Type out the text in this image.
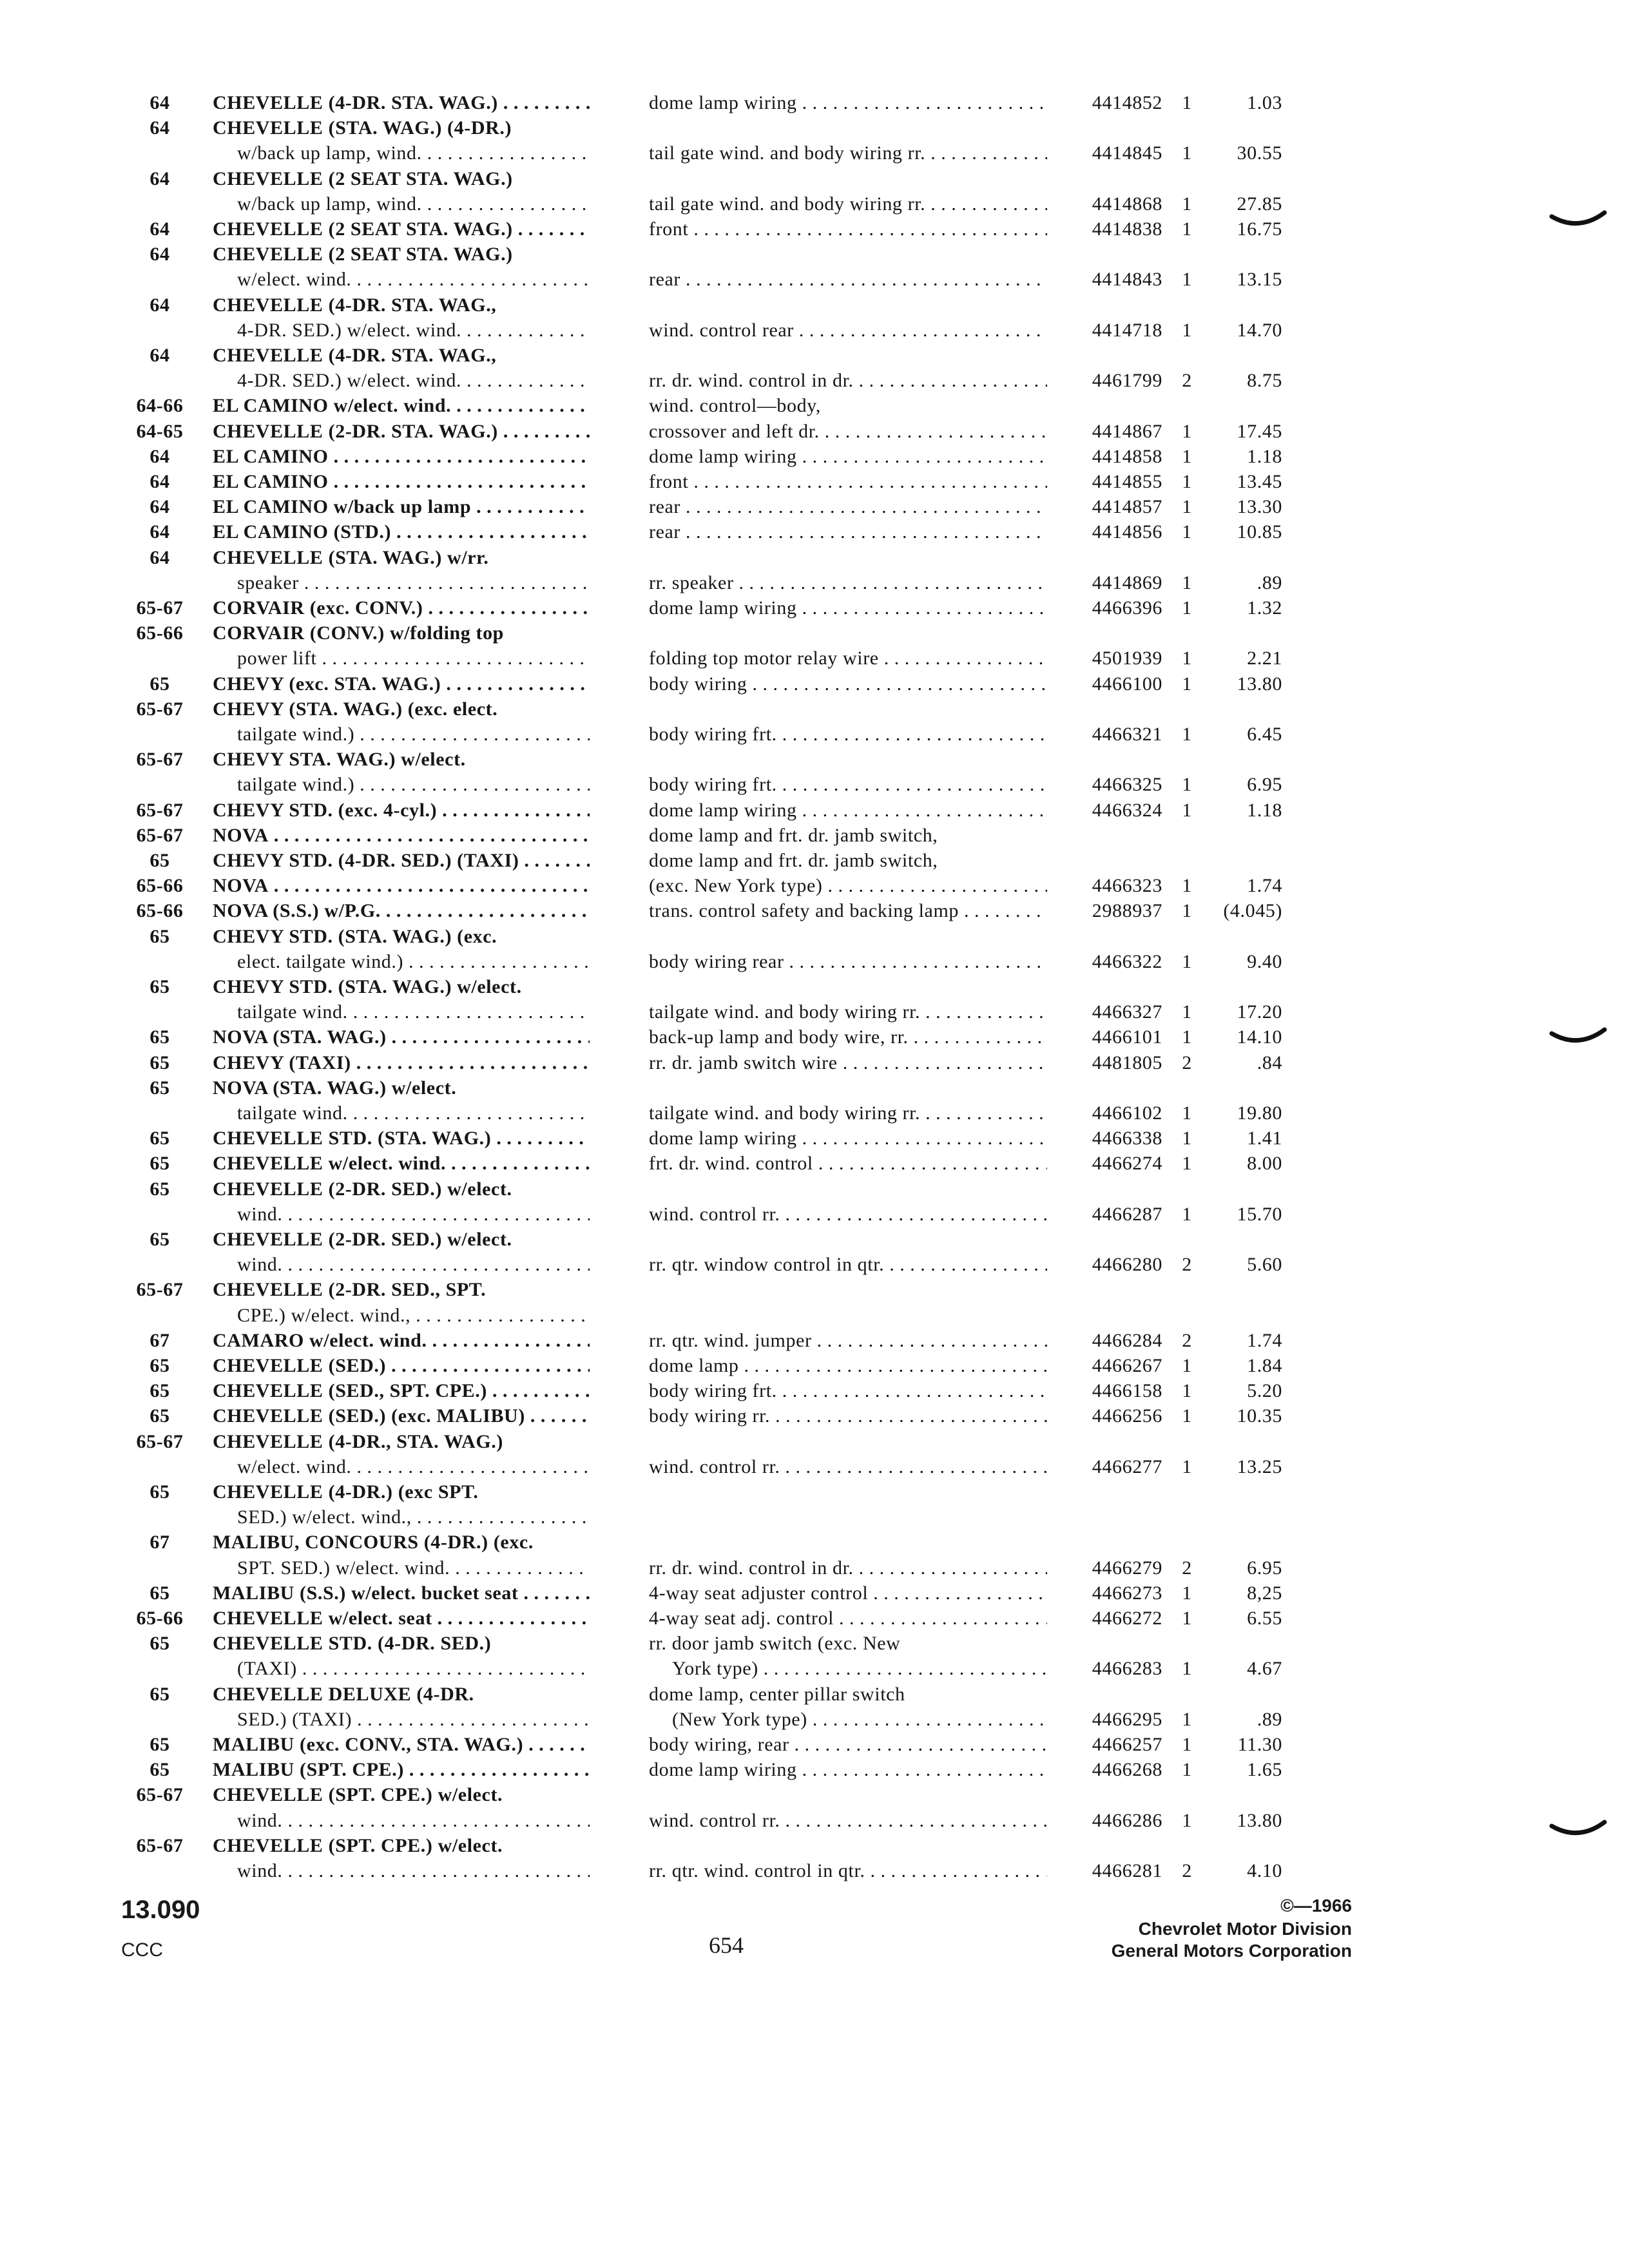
64	CHEVELLE (4-DR. STA. WAG.) . . .	dome lamp wiring . . .	4414852	1	1.03
64	CHEVELLE (STA. WAG.) (4-DR.)
w/back up lamp, wind. . . .	tail gate wind. and body wiring rr. . . .	4414845	1	30.55
64	CHEVELLE (2 SEAT STA. WAG.)
w/back up lamp, wind. . . .	tail gate wind. and body wiring rr. . . .	4414868	1	27.85
64	CHEVELLE (2 SEAT STA. WAG.) . . .	front . . .	4414838	1	16.75
64	CHEVELLE (2 SEAT STA. WAG.)
w/elect. wind. . . .	rear . . .	4414843	1	13.15
64	CHEVELLE (4-DR. STA. WAG.,
4-DR. SED.) w/elect. wind. . . .	wind. control rear . . .	4414718	1	14.70
64	CHEVELLE (4-DR. STA. WAG.,
4-DR. SED.) w/elect. wind. . . .	rr. dr. wind. control in dr. . . .	4461799	2	8.75
64-66	EL CAMINO w/elect. wind. . . .	wind. control—body,
64-65	CHEVELLE (2-DR. STA. WAG.) . . .	crossover and left dr. . . .	4414867	1	17.45
64	EL CAMINO . . .	dome lamp wiring . . .	4414858	1	1.18
64	EL CAMINO . . .	front . . .	4414855	1	13.45
64	EL CAMINO w/back up lamp . . .	rear . . .	4414857	1	13.30
64	EL CAMINO (STD.) . . .	rear . . .	4414856	1	10.85
64	CHEVELLE (STA. WAG.) w/rr.
speaker . . .	rr. speaker . . .	4414869	1	.89
65-67	CORVAIR (exc. CONV.) . . .	dome lamp wiring . . .	4466396	1	1.32
65-66	CORVAIR (CONV.) w/folding top
power lift . . .	folding top motor relay wire . . .	4501939	1	2.21
65	CHEVY (exc. STA. WAG.) . . .	body wiring . . .	4466100	1	13.80
65-67	CHEVY (STA. WAG.) (exc. elect.
tailgate wind.) . . .	body wiring frt. . . .	4466321	1	6.45
65-67	CHEVY STA. WAG.) w/elect.
tailgate wind.) . . .	body wiring frt. . . .	4466325	1	6.95
65-67	CHEVY STD. (exc. 4-cyl.) . . .	dome lamp wiring . . .	4466324	1	1.18
65-67	NOVA . . .	dome lamp and frt. dr. jamb switch,
65	CHEVY STD. (4-DR. SED.) (TAXI) . . .	dome lamp and frt. dr. jamb switch,
65-66	NOVA . . .	(exc. New York type) . . .	4466323	1	1.74
65-66	NOVA (S.S.) w/P.G. . . .	trans. control safety and backing lamp . . .	2988937	1	(4.045)
65	CHEVY STD. (STA. WAG.) (exc.
elect. tailgate wind.) . . .	body wiring rear . . .	4466322	1	9.40
65	CHEVY STD. (STA. WAG.) w/elect.
tailgate wind. . . .	tailgate wind. and body wiring rr. . . .	4466327	1	17.20
65	NOVA (STA. WAG.) . . .	back-up lamp and body wire, rr. . . .	4466101	1	14.10
65	CHEVY (TAXI) . . .	rr. dr. jamb switch wire . . .	4481805	2	.84
65	NOVA (STA. WAG.) w/elect.
tailgate wind. . . .	tailgate wind. and body wiring rr. . . .	4466102	1	19.80
65	CHEVELLE STD. (STA. WAG.) . . .	dome lamp wiring . . .	4466338	1	1.41
65	CHEVELLE w/elect. wind. . . .	frt. dr. wind. control . . .	4466274	1	8.00
65	CHEVELLE (2-DR. SED.) w/elect.
wind. . . .	wind. control rr. . . .	4466287	1	15.70
65	CHEVELLE (2-DR. SED.) w/elect.
wind. . . .	rr. qtr. window control in qtr. . . .	4466280	2	5.60
65-67	CHEVELLE (2-DR. SED., SPT.
CPE.) w/elect. wind., . . .
67	CAMARO w/elect. wind. . . .	rr. qtr. wind. jumper . . .	4466284	2	1.74
65	CHEVELLE (SED.) . . .	dome lamp . . .	4466267	1	1.84
65	CHEVELLE (SED., SPT. CPE.) . . .	body wiring frt. . . .	4466158	1	5.20
65	CHEVELLE (SED.) (exc. MALIBU) . . .	body wiring rr. . . .	4466256	1	10.35
65-67	CHEVELLE (4-DR., STA. WAG.)
w/elect. wind. . . .	wind. control rr. . . .	4466277	1	13.25
65	CHEVELLE (4-DR.) (exc SPT.
SED.) w/elect. wind., . . .
67	MALIBU, CONCOURS (4-DR.) (exc.
SPT. SED.) w/elect. wind. . . .	rr. dr. wind. control in dr. . . .	4466279	2	6.95
65	MALIBU (S.S.) w/elect. bucket seat . . .	4-way seat adjuster control . . .	4466273	1	8,25
65-66	CHEVELLE w/elect. seat . . .	4-way seat adj. control . . .	4466272	1	6.55
65	CHEVELLE STD. (4-DR. SED.)	rr. door jamb switch (exc. New
(TAXI) . . .	York type) . . .	4466283	1	4.67
65	CHEVELLE DELUXE (4-DR.	dome lamp, center pillar switch
SED.) (TAXI) . . .	(New York type) . . .	4466295	1	.89
65	MALIBU (exc. CONV., STA. WAG.) . . .	body wiring, rear . . .	4466257	1	11.30
65	MALIBU (SPT. CPE.) . . .	dome lamp wiring . . .	4466268	1	1.65
65-67	CHEVELLE (SPT. CPE.) w/elect.
wind. . . .	wind. control rr. . . .	4466286	1	13.80
65-67	CHEVELLE (SPT. CPE.) w/elect.
wind. . . .	rr. qtr. wind. control in qtr. . . .	4466281	2	4.10
13.090
CCC	654
©—1966
Chevrolet Motor Division
General Motors Corporation
